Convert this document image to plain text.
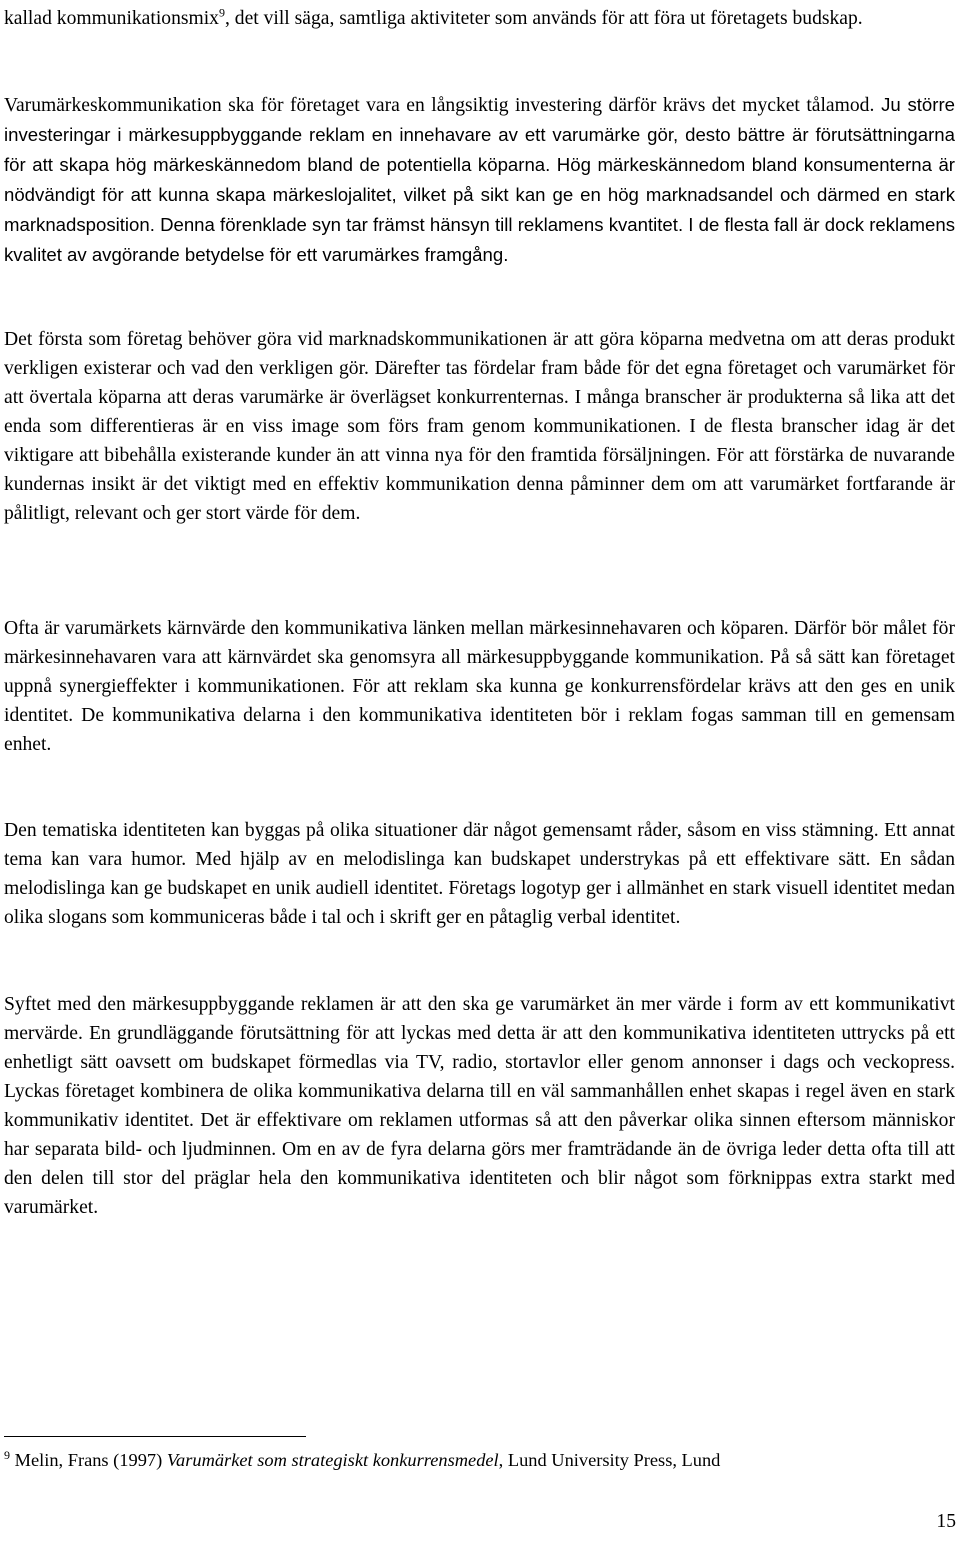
kallad kommunikationsmix$^9$, det vill säga, samtliga aktiviteter som används för att föra ut företagets budskap.

Varumärkeskommunikation ska för företaget vara en långsiktig investering därför krävs det mycket tålamod. Ju större investeringar i märkesuppbyggande reklam en innehavare av ett varumärke gör, desto bättre är förutsättningarna för att skapa hög märkeskännedom bland de potentiella köparna. Hög märkeskännedom bland konsumenterna är nödvändigt för att kunna skapa märkeslojalitet, vilket på sikt kan ge en hög marknadsandel och därmed en stark marknadsposition. Denna förenklade syn tar främst hänsyn till reklamens kvantitet. I de flesta fall är dock reklamens kvalitet av avgörande betydelse för ett varumärkes framgång.

Det första som företag behöver göra vid marknadskommunikationen är att göra köparna medvetna om att deras produkt verkligen existerar och vad den verkligen gör. Därefter tas fördelar fram både för det egna företaget och varumärket för att övertala köparna att deras varumärke är överlägset konkurrenternas. I många branscher är produkterna så lika att det enda som differentieras är en viss image som förs fram genom kommunikationen. I de flesta branscher idag är det viktigare att bibehålla existerande kunder än att vinna nya för den framtida försäljningen. För att förstärka de nuvarande kundernas insikt är det viktigt med en effektiv kommunikation denna påminner dem om att varumärket fortfarande är pålitligt, relevant och ger stort värde för dem.

Ofta är varumärkets kärnvärde den kommunikativa länken mellan märkesinnehavaren och köparen. Därför bör målet för märkesinnehavaren vara att kärnvärdet ska genomsyra all märkesuppbyggande kommunikation. På så sätt kan företaget uppnå synergieffekter i kommunikationen. För att reklam ska kunna ge konkurrensfördelar krävs att den ges en unik identitet. De kommunikativa delarna i den kommunikativa identiteten bör i reklam fogas samman till en gemensam enhet.

Den tematiska identiteten kan byggas på olika situationer där något gemensamt råder, såsom en viss stämning. Ett annat tema kan vara humor. Med hjälp av en melodislinga kan budskapet understrykas på ett effektivare sätt. En sådan melodislinga kan ge budskapet en unik audiell identitet. Företags logotyp ger i allmänhet en stark visuell identitet medan olika slogans som kommuniceras både i tal och i skrift ger en påtaglig verbal identitet.

Syftet med den märkesuppbyggande reklamen är att den ska ge varumärket än mer värde i form av ett kommunikativt mervärde. En grundläggande förutsättning för att lyckas med detta är att den kommunikativa identiteten uttrycks på ett enhetligt sätt oavsett om budskapet förmedlas via TV, radio, stortavlor eller genom annonser i dags och veckopress. Lyckas företaget kombinera de olika kommunikativa delarna till en väl sammanhållen enhet skapas i regel även en stark kommunikativ identitet. Det är effektivare om reklamen utformas så att den påverkar olika sinnen eftersom människor har separata bild- och ljudminnen. Om en av de fyra delarna görs mer framträdande än de övriga leder detta ofta till att den delen till stor del präglar hela den kommunikativa identiteten och blir något som förknippas extra starkt med varumärket.

$^9$ Melin, Frans (1997) Varumärket som strategiskt konkurrensmedel, Lund University Press, Lund

15
